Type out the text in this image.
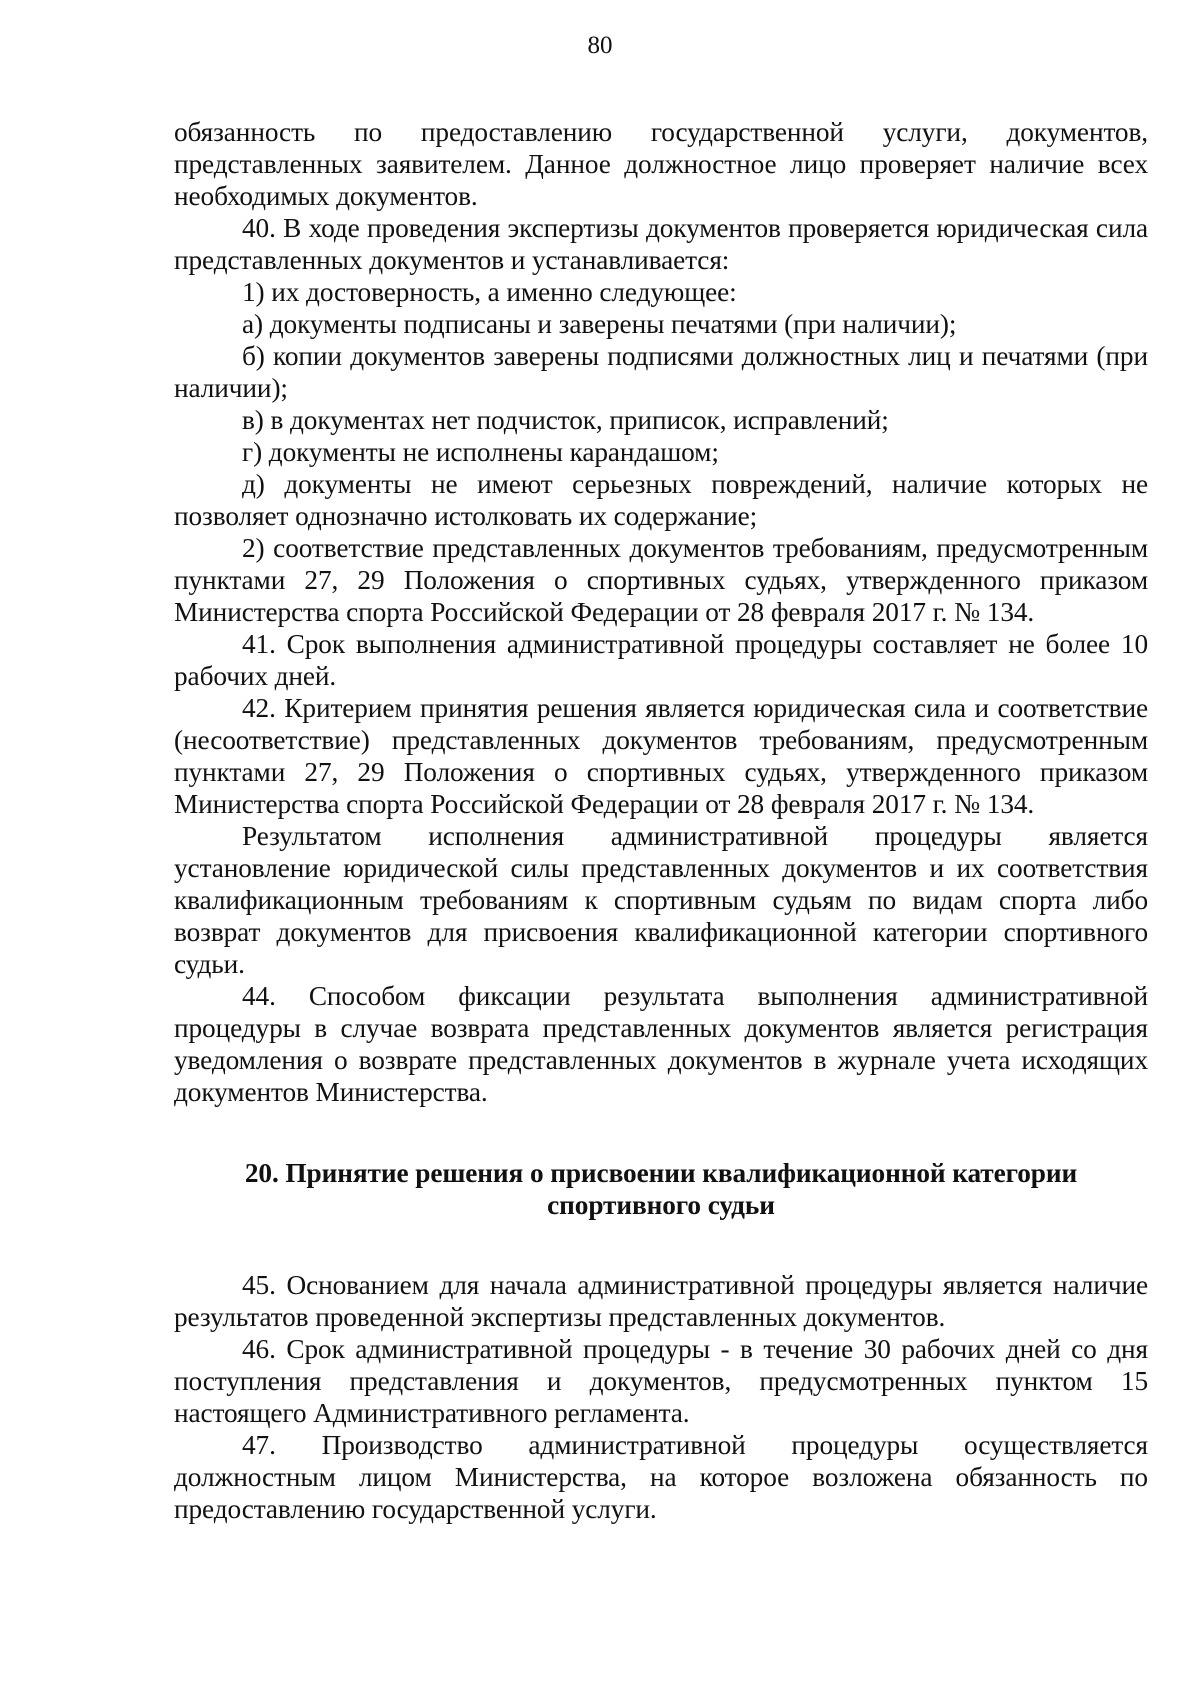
80

обязанность по предоставлению государственной услуги, документов, представленных заявителем. Данное должностное лицо проверяет наличие всех необходимых документов.

40. В ходе проведения экспертизы документов проверяется юридическая сила представленных документов и устанавливается:

1) их достоверность, а именно следующее:

а) документы подписаны и заверены печатями (при наличии);

б) копии документов заверены подписями должностных лиц и печатями (при наличии);

в) в документах нет подчисток, приписок, исправлений;

г) документы не исполнены карандашом;

д) документы не имеют серьезных повреждений, наличие которых не позволяет однозначно истолковать их содержание;

2) соответствие представленных документов требованиям, предусмотренным пунктами 27, 29 Положения о спортивных судьях, утвержденного приказом Министерства спорта Российской Федерации от 28 февраля 2017 г. № 134.

41. Срок выполнения административной процедуры составляет не более 10 рабочих дней.

42. Критерием принятия решения является юридическая сила и соответствие (несоответствие) представленных документов требованиям, предусмотренным пунктами 27, 29 Положения о спортивных судьях, утвержденного приказом Министерства спорта Российской Федерации от 28 февраля 2017 г. № 134.

Результатом исполнения административной процедуры является установление юридической силы представленных документов и их соответствия квалификационным требованиям к спортивным судьям по видам спорта либо возврат документов для присвоения квалификационной категории спортивного судьи.

44. Способом фиксации результата выполнения административной процедуры в случае возврата представленных документов является регистрация уведомления о возврате представленных документов в журнале учета исходящих документов Министерства.

20. Принятие решения о присвоении квалификационной категории
спортивного судьи

45. Основанием для начала административной процедуры является наличие результатов проведенной экспертизы представленных документов.

46. Срок административной процедуры - в течение 30 рабочих дней со дня поступления представления и документов, предусмотренных пунктом 15 настоящего Административного регламента.

47. Производство административной процедуры осуществляется должностным лицом Министерства, на которое возложена обязанность по предоставлению государственной услуги.
